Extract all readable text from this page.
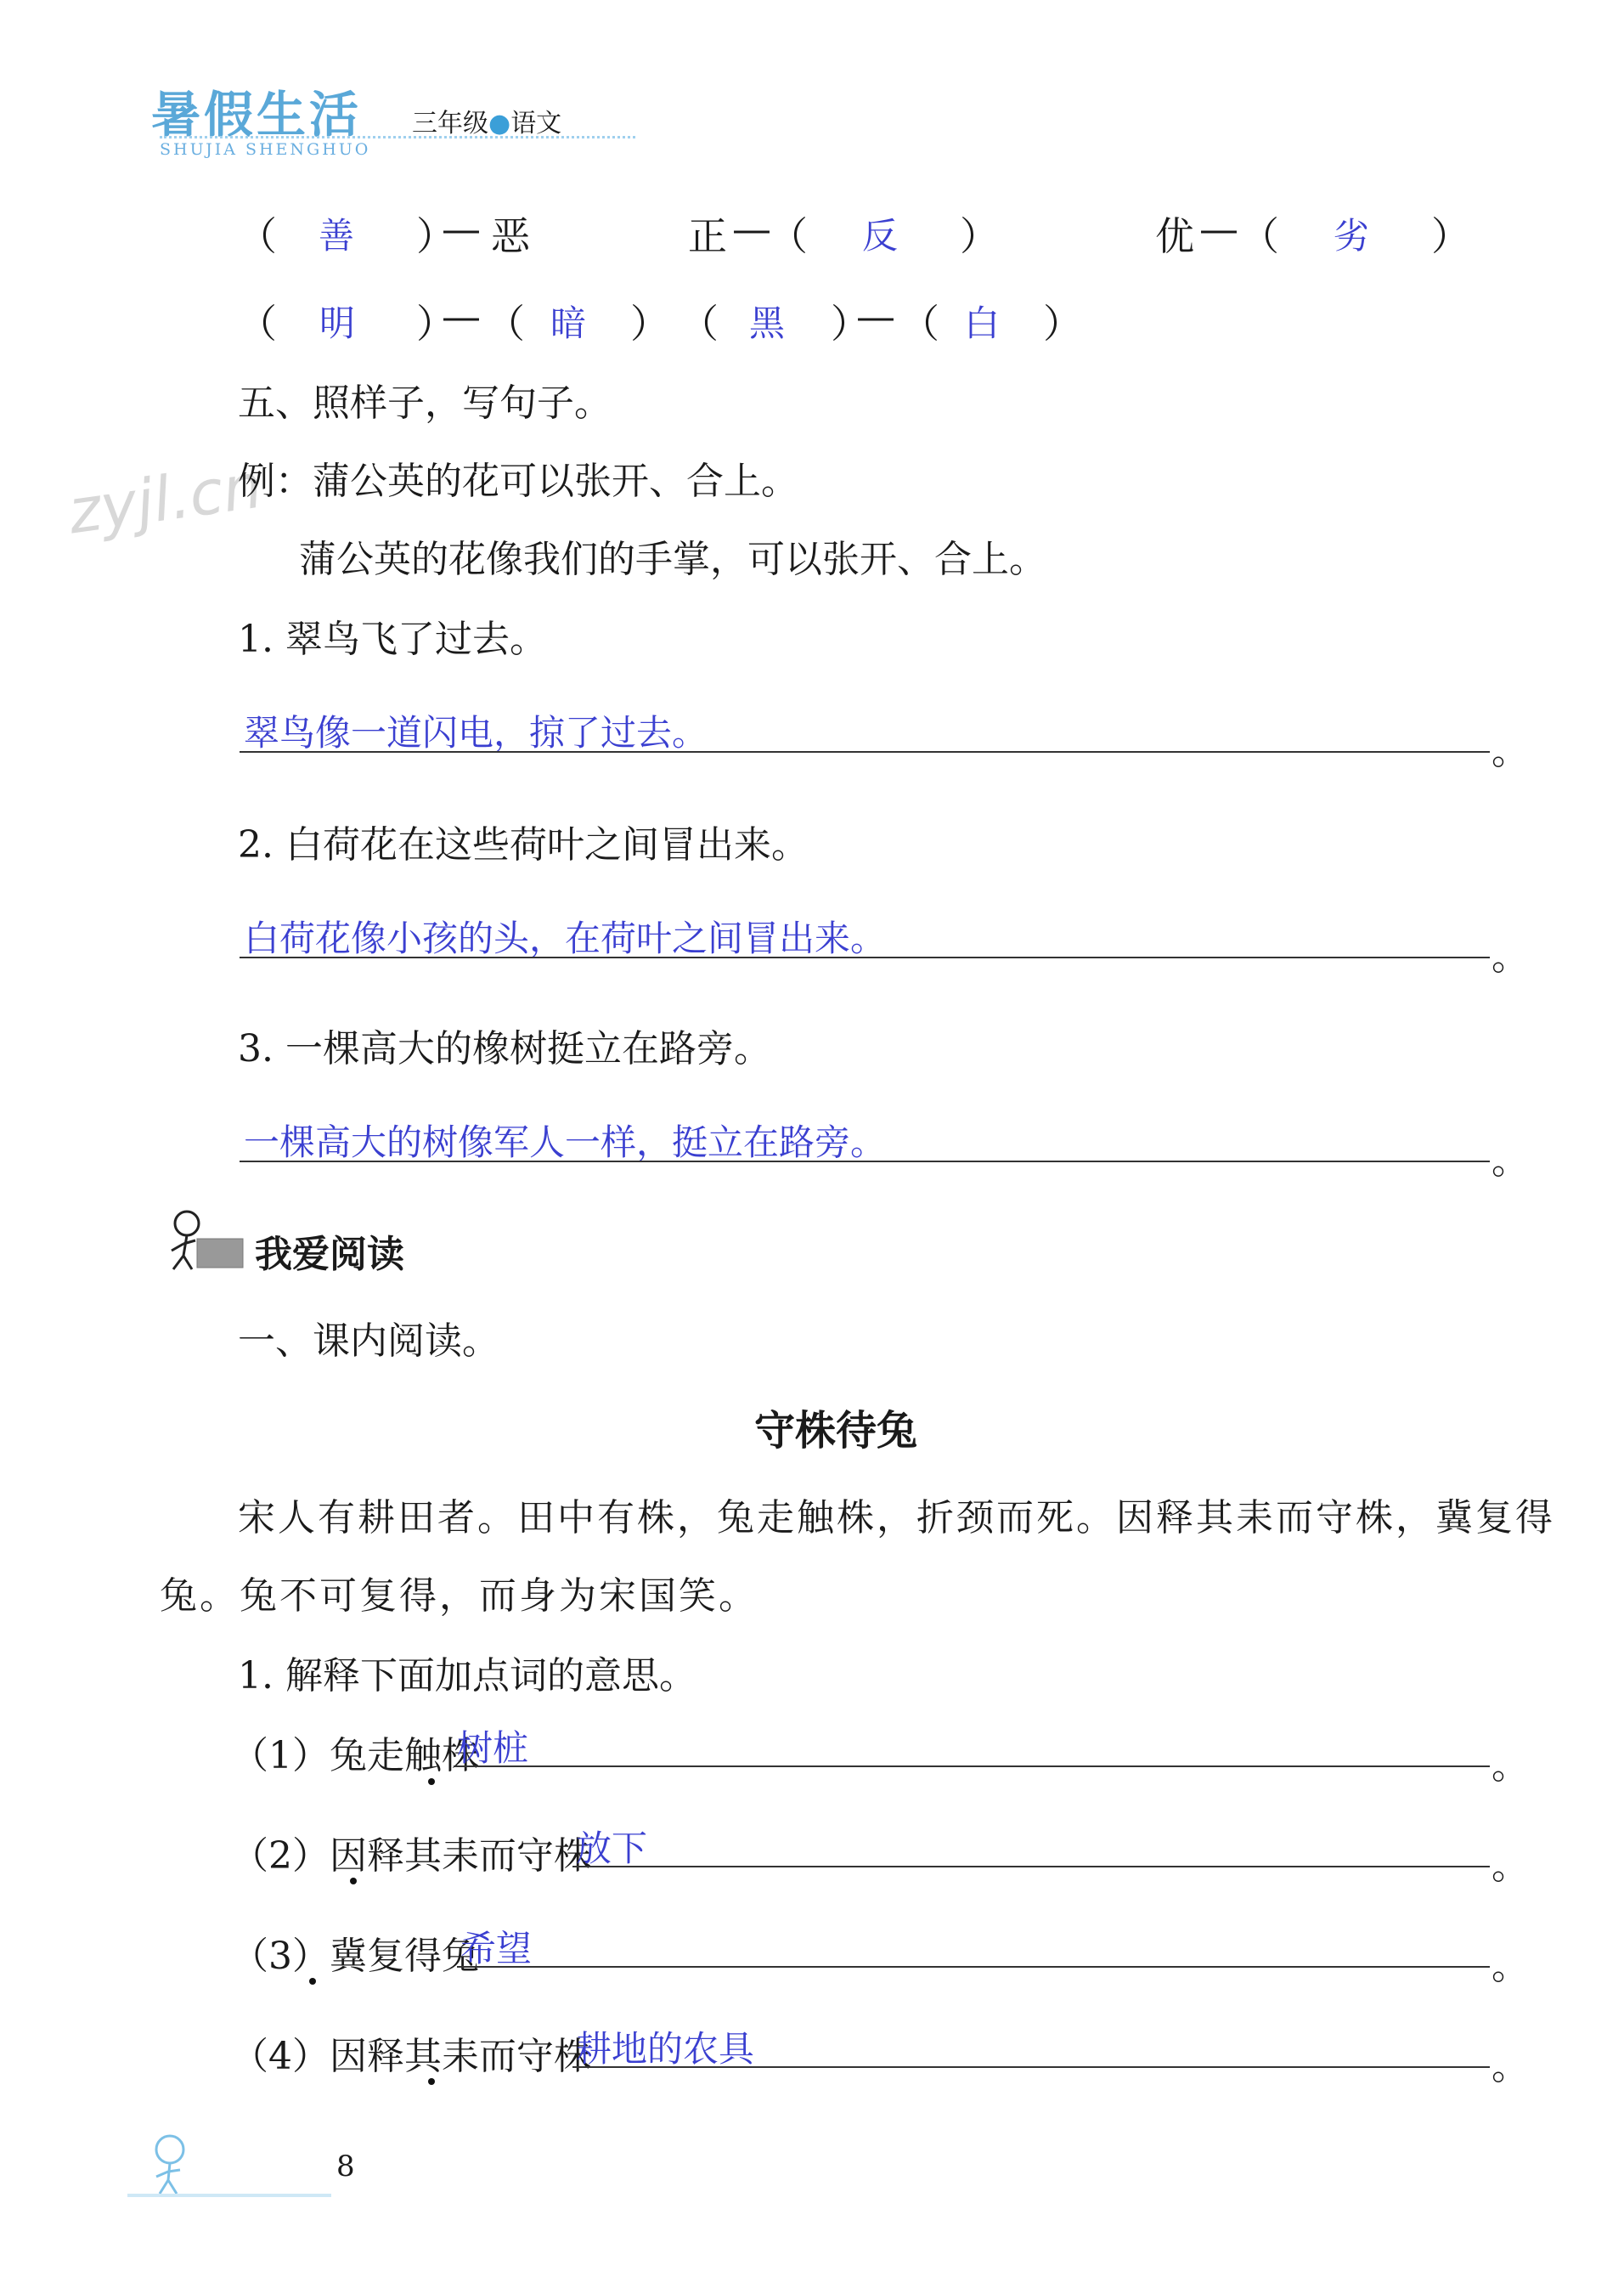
暑假生活
SHUJIA SHENGHUO
三年级●语文
zyjl.cn
（ 善 ）
— 恶	正 —
（ 反 ）	优 — （ 劣 ）
（ 明 ）
— （ 暗 ） （ 黑 ）
— （ 白 ）
五、照样子，写句子。
例：蒲公英的花可以张开、合上。
蒲公英的花像我们的手掌，可以张开、合上。
1. 翠鸟飞了过去。
翠鸟像一道闪电，掠了过去。	。
2. 白荷花在这些荷叶之间冒出来。
白荷花像小孩的头，在荷叶之间冒出来。	。
3. 一棵高大的橡树挺立在路旁。
一棵高大的树像军人一样，挺立在路旁。	。
我爱阅读
一、课内阅读。
守株待兔
宋人有耕田者。田中有株，兔走触株，折颈而死。因释其耒而守株，冀复得
兔。兔不可复得，而身为宋国笑。
1. 解释下面加点词的意思。
（1）兔走触株
树桩	。
（2）因释其耒而守株
放下	。
（3）冀复得兔
希望	。
（4）因释其耒而守株
耕地的农具	。
8
